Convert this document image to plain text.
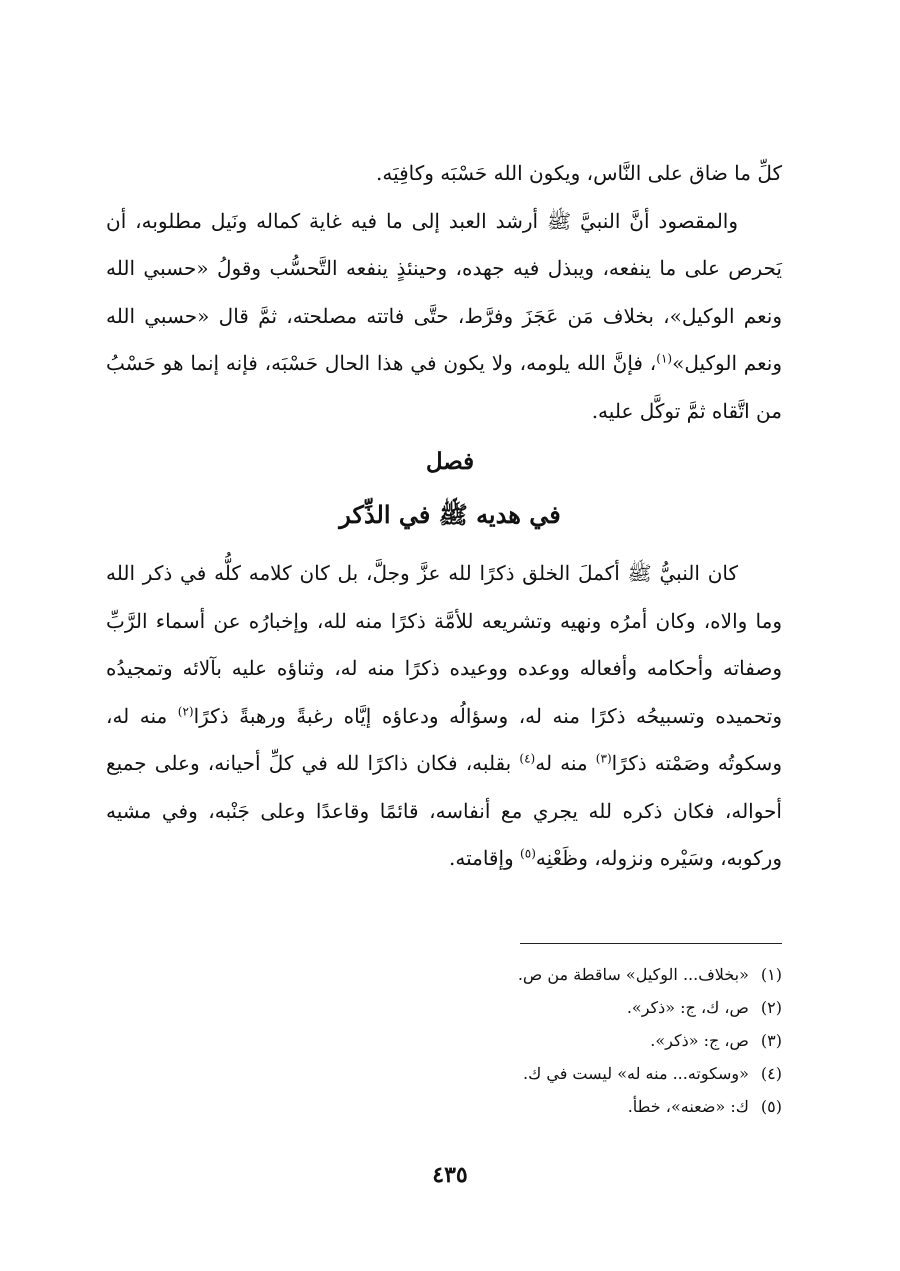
كلِّ ما ضاق على النَّاس، ويكون الله حَسْبَه وكافِيَه.

والمقصود أنَّ النبيَّ ﷺ أرشد العبد إلى ما فيه غاية كماله ونَيل مطلوبه، أن يَحرص على ما ينفعه، ويبذل فيه جهده، وحينئذٍ ينفعه التَّحسُّب وقولُ «حسبي الله ونعم الوكيل»، بخلاف مَن عَجَزَ وفرَّط، حتَّى فاتته مصلحته، ثمَّ قال «حسبي الله ونعم الوكيل»$^{(١)}$، فإنَّ الله يلومه، ولا يكون في هذا الحال حَسْبَه، فإنه إنما هو حَسْبُ من اتَّقاه ثمَّ توكَّل عليه.

فصل
في هديه ﷺ في الذِّكر

كان النبيُّ ﷺ أكملَ الخلق ذكرًا لله عزَّ وجلَّ، بل كان كلامه كلُّه في ذكر الله وما والاه، وكان أمرُه ونهيه وتشريعه للأمَّة ذكرًا منه لله، وإخبارُه عن أسماء الرَّبِّ وصفاته وأحكامه وأفعاله ووعده ووعيده ذكرًا منه له، وثناؤه عليه بآلائه وتمجيدُه وتحميده وتسبيحُه ذكرًا منه له، وسؤالُه ودعاؤه إيَّاه رغبةً ورهبةً ذكرًا$^{(٢)}$ منه له، وسكوتُه وصَمْته ذكرًا$^{(٣)}$ منه له$^{(٤)}$ بقلبه، فكان ذاكرًا لله في كلِّ أحيانه، وعلى جميع أحواله، فكان ذكره لله يجري مع أنفاسه، قائمًا وقاعدًا وعلى جَنْبه، وفي مشيه وركوبه، وسَيْره ونزوله، وظَعْنِه$^{(٥)}$ وإقامته.

(١)
«بخلاف... الوكيل» ساقطة من ص.
(٢)
ص، ك، ج: «ذكر».
(٣)
ص، ج: «ذكر».
(٤)
«وسكوته... منه له» ليست في ك.
(٥)
ك: «ضعنه»، خطأ.
٤٣٥
